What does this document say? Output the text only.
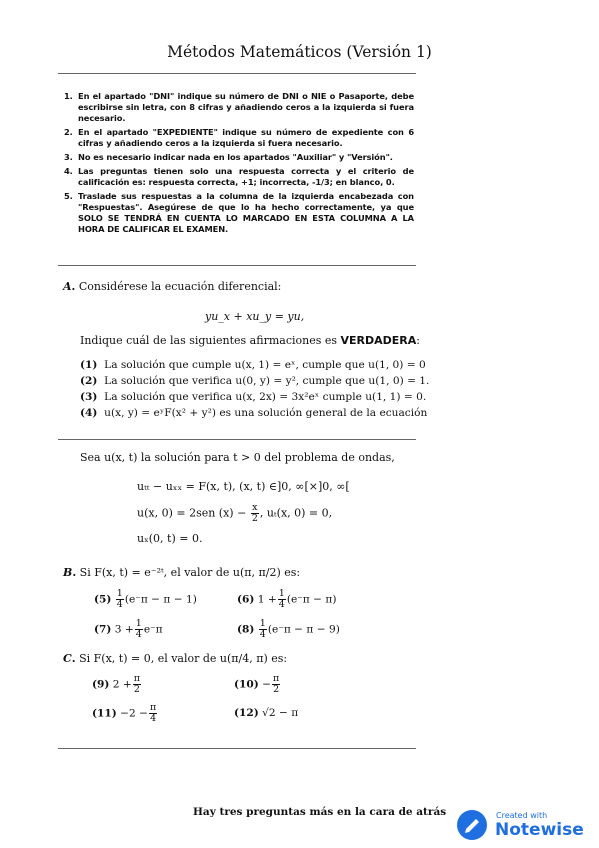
Métodos Matemáticos (Versión 1)
1. En el apartado "DNI" indique su número de DNI o NIE o Pasaporte, debe escribirse sin letra, con 8 cifras y añadiendo ceros a la izquierda si fuera necesario.
2. En el apartado "EXPEDIENTE" indique su número de expediente con 6 cifras y añadiendo ceros a la izquierda si fuera necesario.
3. No es necesario indicar nada en los apartados "Auxiliar" y "Versión".
4. Las preguntas tienen solo una respuesta correcta y el criterio de calificación es: respuesta correcta, +1; incorrecta, -1/3; en blanco, 0.
5. Traslade sus respuestas a la columna de la izquierda encabezada con "Respuestas". Asegúrese de que lo ha hecho correctamente, ya que SOLO SE TENDRÁ EN CUENTA LO MARCADO EN ESTA COLUMNA A LA HORA DE CALIFICAR EL EXAMEN.
A. Considérese la ecuación diferencial:
yu_x + xu_y = yu,
Indique cuál de las siguientes afirmaciones es VERDADERA:
(1) La solución que cumple u(x, 1) = eˣ, cumple que u(1, 0) = 0
(2) La solución que verifica u(0, y) = y², cumple que u(1, 0) = 1.
(3) La solución que verifica u(x, 2x) = 3x²eˣ cumple u(1, 1) = 0.
(4) u(x, y) = eʸF(x² + y²) es una solución general de la ecuación
Sea u(x, t) la solución para t > 0 del problema de ondas,
uₜₜ − uₓₓ = F(x, t), (x, t) ∈]0, ∞[×]0, ∞[
u(x, 0) = 2sen $(x) - \frac{x}{2}$ , uₜ(x, 0) = 0,
uₓ(0, t) = 0.
B. Si F(x, t) = e⁻²ᵗ, el valor de u(π, π/2) es:
$(5) \frac{1}{4} (e^-\pi - \pi - 1)$	(6) $1 + \frac{1}{4} (e^-\pi - \pi)$
(7) $3 + \frac{1}{4} e^-\pi$	$(8) \frac{1}{4} (e^-\pi - \pi - 9)$
C. Si F(x, t) = 0, el valor de u(π/4, π) es:
(9) $2 + \frac{\pi}{2}$	$(10) - \frac{\pi}{2}$
$(11) -2 - \frac{\pi}{4}$	(12) √2 − π
Hay tres preguntas más en la cara de atrás	Created with
Notewise
